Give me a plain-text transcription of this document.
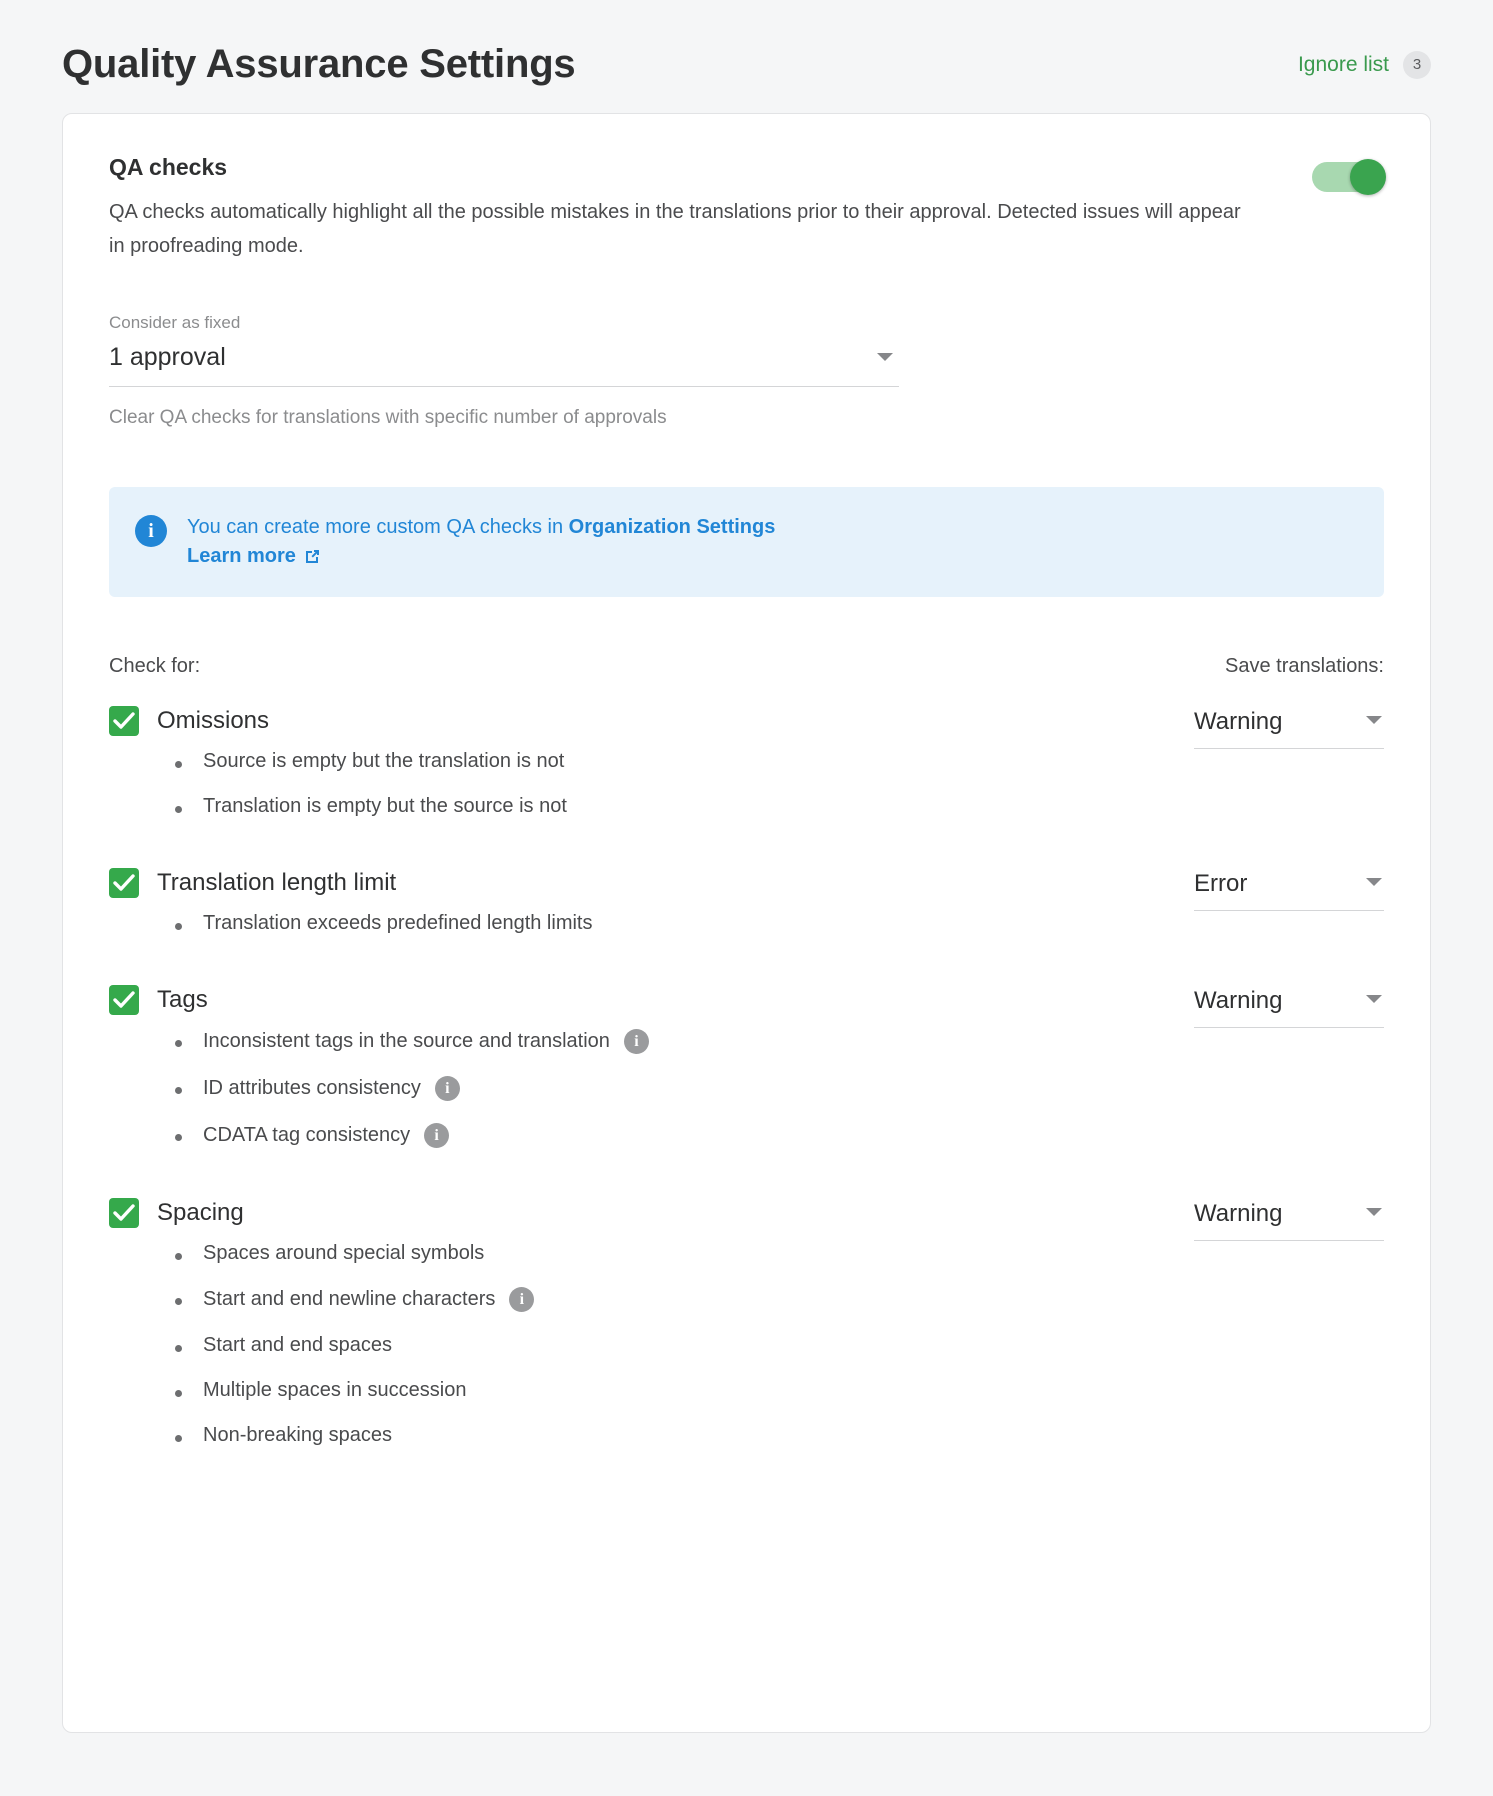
Quality Assurance Settings	Ignore list	3
QA checks

QA checks automatically highlight all the possible mistakes in the translations prior to their approval. Detected issues will appear in proofreading mode.

Consider as fixed
1 approval
Clear QA checks for translations with specific number of approvals
i	You can create more custom QA checks in Organization Settings

Learn more
Check for:	Save translations:
Omissions
Source is empty but the translation is not
Translation is empty but the source is not
Warning
Translation length limit
Translation exceeds predefined length limits
Error
Tags
Inconsistent tags in the source and translation	i
ID attributes consistency	i
CDATA tag consistency	i
Warning
Spacing
Spaces around special symbols
Start and end newline characters	i
Start and end spaces
Multiple spaces in succession
Non-breaking spaces
Warning
